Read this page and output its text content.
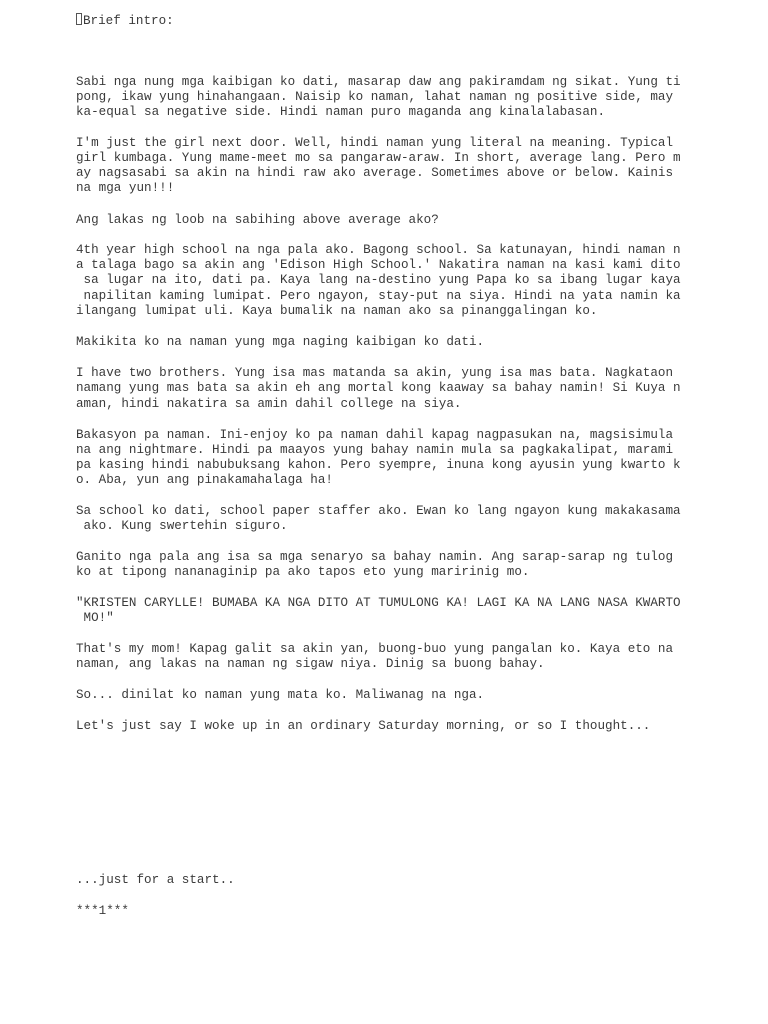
Brief intro:
Sabi nga nung mga kaibigan ko dati, masarap daw ang pakiramdam ng sikat. Yung ti
pong, ikaw yung hinahangaan. Naisip ko naman, lahat naman ng positive side, may
ka-equal sa negative side. Hindi naman puro maganda ang kinalalabasan.
I'm just the girl next door. Well, hindi naman yung literal na meaning. Typical
girl kumbaga. Yung mame-meet mo sa pangaraw-araw. In short, average lang. Pero m
ay nagsasabi sa akin na hindi raw ako average. Sometimes above or below. Kainis
na mga yun!!!
Ang lakas ng loob na sabihing above average ako?
4th year high school na nga pala ako. Bagong school. Sa katunayan, hindi naman n
a talaga bago sa akin ang 'Edison High School.' Nakatira naman na kasi kami dito
sa lugar na ito, dati pa. Kaya lang na-destino yung Papa ko sa ibang lugar kaya
napilitan kaming lumipat. Pero ngayon, stay-put na siya. Hindi na yata namin ka
ilangang lumipat uli. Kaya bumalik na naman ako sa pinanggalingan ko.
Makikita ko na naman yung mga naging kaibigan ko dati.
I have two brothers. Yung isa mas matanda sa akin, yung isa mas bata. Nagkataon
namang yung mas bata sa akin eh ang mortal kong kaaway sa bahay namin! Si Kuya n
aman, hindi nakatira sa amin dahil college na siya.
Bakasyon pa naman. Ini-enjoy ko pa naman dahil kapag nagpasukan na, magsisimula
na ang nightmare. Hindi pa maayos yung bahay namin mula sa pagkakalipat, marami
pa kasing hindi nabubuksang kahon. Pero syempre, inuna kong ayusin yung kwarto k
o. Aba, yun ang pinakamahalaga ha!
Sa school ko dati, school paper staffer ako. Ewan ko lang ngayon kung makakasama
ako. Kung swertehin siguro.
Ganito nga pala ang isa sa mga senaryo sa bahay namin. Ang sarap-sarap ng tulog
ko at tipong nananaginip pa ako tapos eto yung maririnig mo.
"KRISTEN CARYLLE! BUMABA KA NGA DITO AT TUMULONG KA! LAGI KA NA LANG NASA KWARTO
MO!"
That's my mom! Kapag galit sa akin yan, buong-buo yung pangalan ko. Kaya eto na
naman, ang lakas na naman ng sigaw niya. Dinig sa buong bahay.
So... dinilat ko naman yung mata ko. Maliwanag na nga.
Let's just say I woke up in an ordinary Saturday morning, or so I thought...
...just for a start..
***1***
